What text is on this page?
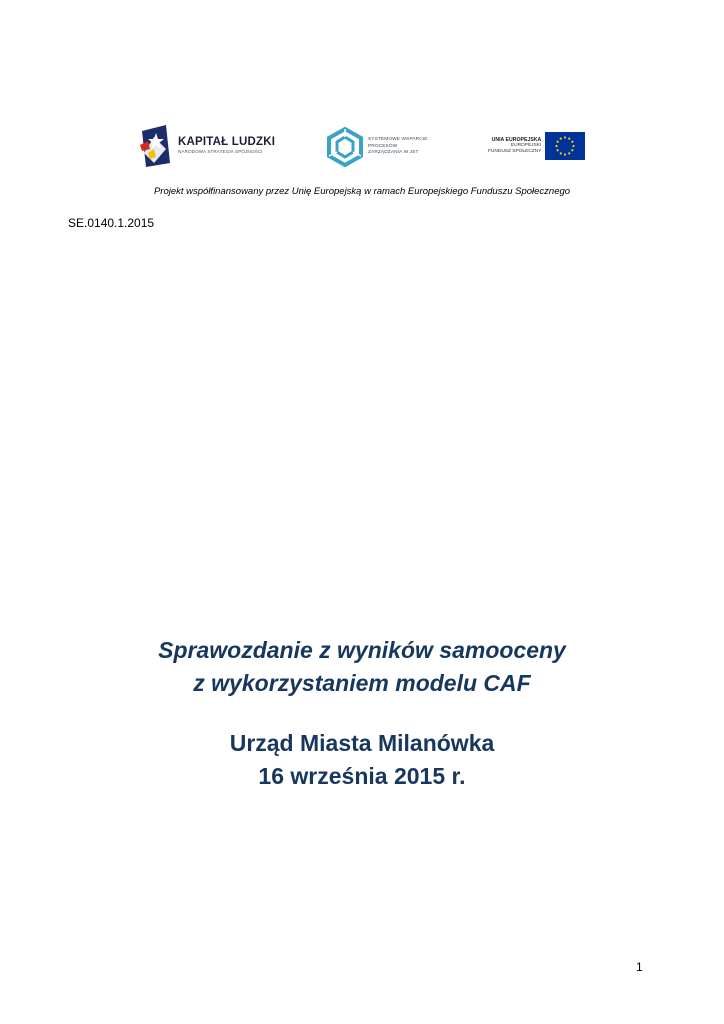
KAPITAŁ LUDZKI
NARODOWA STRATEGIA SPÓJNOŚCI
SYSTEMOWE WSPARCIE
PROCESÓW
ZARZĄDZANIA W JST
UNIA EUROPEJSKA
EUROPEJSKI
FUNDUSZ SPOŁECZNY
Projekt współfinansowany przez Unię Europejską w ramach Europejskiego Funduszu Społecznego
SE.0140.1.2015
Sprawozdanie z wyników samooceny
z wykorzystaniem modelu CAF
Urząd Miasta Milanówka
16 września 2015 r.
1
